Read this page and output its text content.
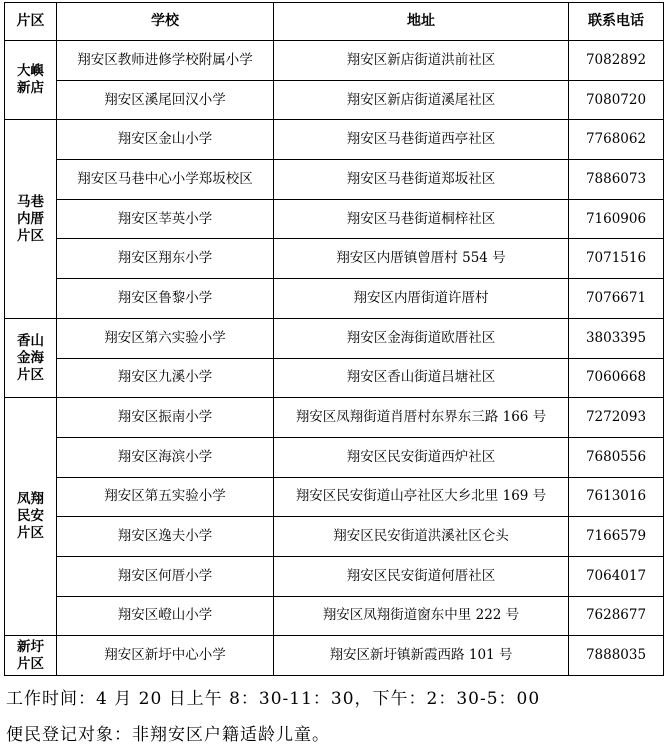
片区	学校	地址	联系电话
大嶼新店	翔安区教师进修学校附属小学	翔安区新店街道洪前社区	7082892
	翔安区溪尾回汉小学	翔安区新店街道溪尾社区	7080720
马巷内厝片区	翔安区金山小学	翔安区马巷街道西亭社区	7768062
	翔安区马巷中心小学郑坂校区	翔安区马巷街道郑坂社区	7886073
	翔安区莘英小学	翔安区马巷街道桐梓社区	7160906
	翔安区翔东小学	翔安区内厝镇曾厝村 554 号	7071516
	翔安区鲁黎小学	翔安区内厝街道许厝村	7076671
香山金海片区	翔安区第六实验小学	翔安区金海街道欧厝社区	3803395
	翔安区九溪小学	翔安区香山街道吕塘社区	7060668
凤翔民安片区	翔安区振南小学	翔安区凤翔街道肖厝村东界东三路 166 号	7272093
	翔安区海滨小学	翔安区民安街道西炉社区	7680556
	翔安区第五实验小学	翔安区民安街道山亭社区大乡北里 169 号	7613016
	翔安区逸夫小学	翔安区民安街道洪溪社区仑头	7166579
	翔安区何厝小学	翔安区民安街道何厝社区	7064017
	翔安区嶝山小学	翔安区凤翔街道窗东中里 222 号	7628677
新圩片区	翔安区新圩中心小学	翔安区新圩镇新霞西路 101 号	7888035

工作时间：4 月 20 日上午 8：30-11：30，下午：2：30-5：00

便民登记对象：非翔安区户籍适龄儿童。
